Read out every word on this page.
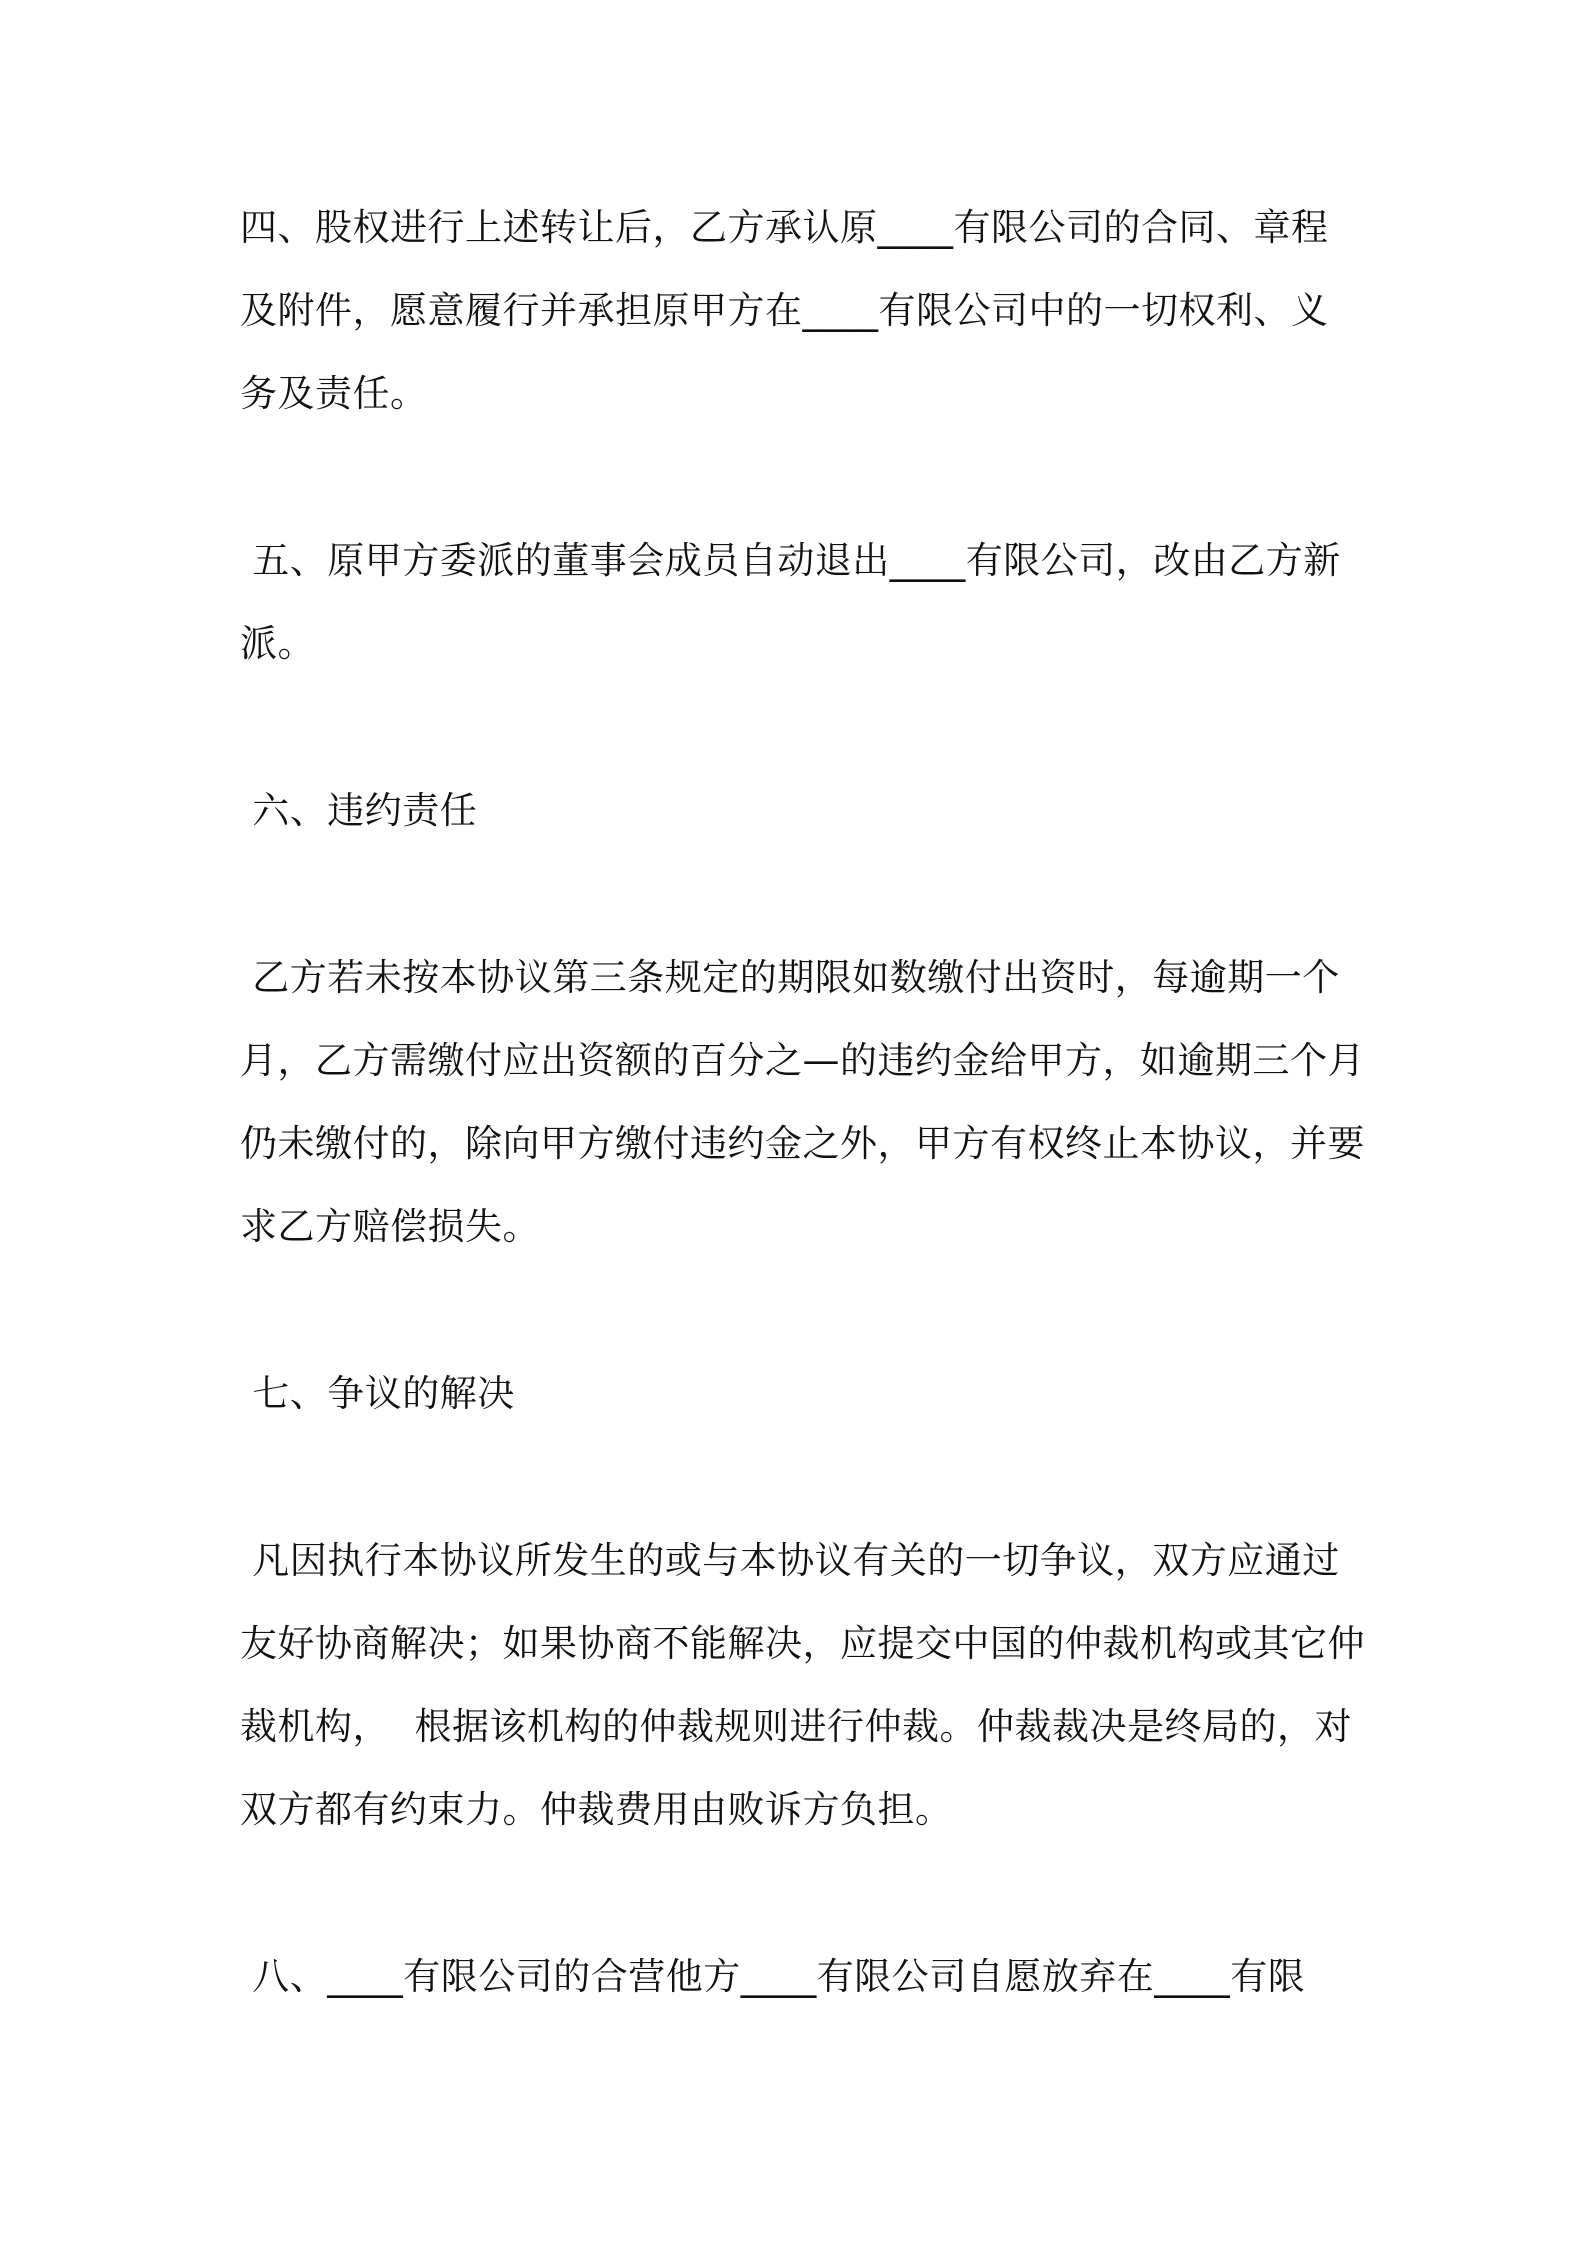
四、股权进行上述转让后，乙方承认原____有限公司的合同、章程
及附件，愿意履行并承担原甲方在____有限公司中的一切权利、义
务及责任。
五、原甲方委派的董事会成员自动退出____有限公司，改由乙方新
派。
六、违约责任
乙方若未按本协议第三条规定的期限如数缴付出资时，每逾期一个
月，乙方需缴付应出资额的百分之—的违约金给甲方，如逾期三个月
仍未缴付的，除向甲方缴付违约金之外，甲方有权终止本协议，并要
求乙方赔偿损失。
七、争议的解决
凡因执行本协议所发生的或与本协议有关的一切争议，双方应通过
友好协商解决；如果协商不能解决，应提交中国的仲裁机构或其它仲
裁机构，  根据该机构的仲裁规则进行仲裁。仲裁裁决是终局的，对
双方都有约束力。仲裁费用由败诉方负担。
八、____有限公司的合营他方____有限公司自愿放弃在____有限
